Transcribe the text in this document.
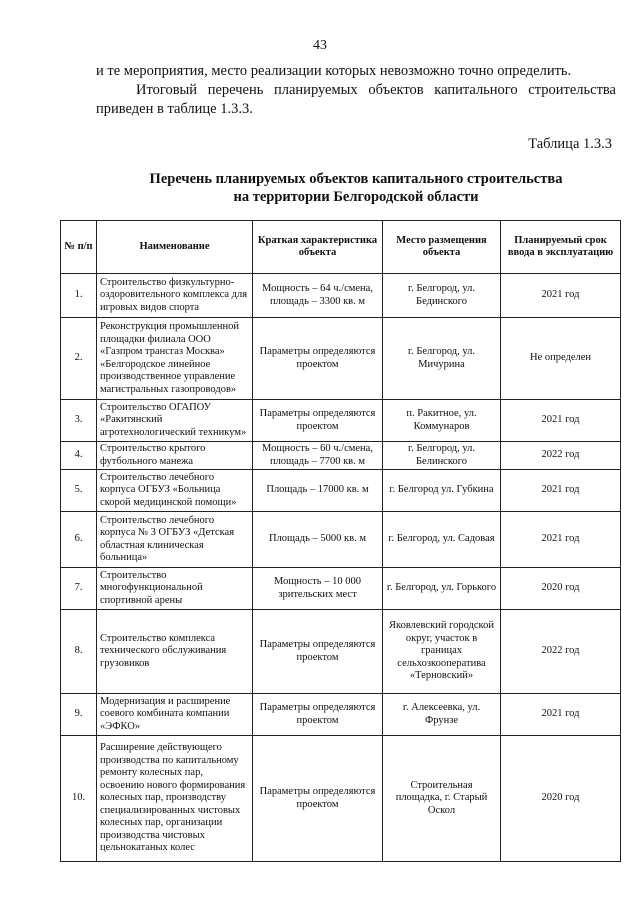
43

и те мероприятия, место реализации которых невозможно точно определить.

Итоговый перечень планируемых объектов капитального строительства приведен в таблице 1.3.3.

Таблица 1.3.3
Перечень планируемых объектов капитального строительства
на территории Белгородской области
№ п/п	Наименование	Краткая характеристика объекта	Место размещения объекта	Планируемый срок ввода в эксплуатацию
1.	Строительство физкультурно-оздоровительного комплекса для игровых видов спорта	Мощность – 64 ч./смена, площадь – 3300 кв. м	г. Белгород, ул. Бединского	2021 год
2.	Реконструкция промышленной площадки филиала ООО «Газпром трансгаз Москва» «Белгородское линейное производственное управление магистральных газопроводов»	Параметры определяются проектом	г. Белгород, ул. Мичурина	Не определен
3.	Строительство ОГАПОУ «Ракитянский агротехнологический техникум»	Параметры определяются проектом	п. Ракитное, ул. Коммунаров	2021 год
4.	Строительство крытого футбольного манежа	Мощность – 60 ч./смена, площадь – 7700 кв. м	г. Белгород, ул. Белинского	2022 год
5.	Строительство лечебного корпуса ОГБУЗ «Больница скорой медицинской помощи»	Площадь – 17000 кв. м	г. Белгород ул. Губкина	2021 год
6.	Строительство лечебного корпуса № 3 ОГБУЗ «Детская областная клиническая больница»	Площадь – 5000 кв. м	г. Белгород, ул. Садовая	2021 год
7.	Строительство многофункциональной спортивной арены	Мощность – 10 000 зрительских мест	г. Белгород, ул. Горького	2020 год
8.	Строительство комплекса технического обслуживания грузовиков	Параметры определяются проектом	Яковлевский городской округ, участок в границах сельхозкооператива «Терновский»	2022 год
9.	Модернизация и расширение соевого комбината компании «ЭФКО»	Параметры определяются проектом	г. Алексеевка, ул. Фрунзе	2021 год
10.	Расширение действующего производства по капитальному ремонту колесных пар, освоению нового формирования колесных пар, производству специализированных чистовых колесных пар, организации производства чистовых цельнокатаных колес	Параметры определяются проектом	Строительная площадка, г. Старый Оскол	2020 год
